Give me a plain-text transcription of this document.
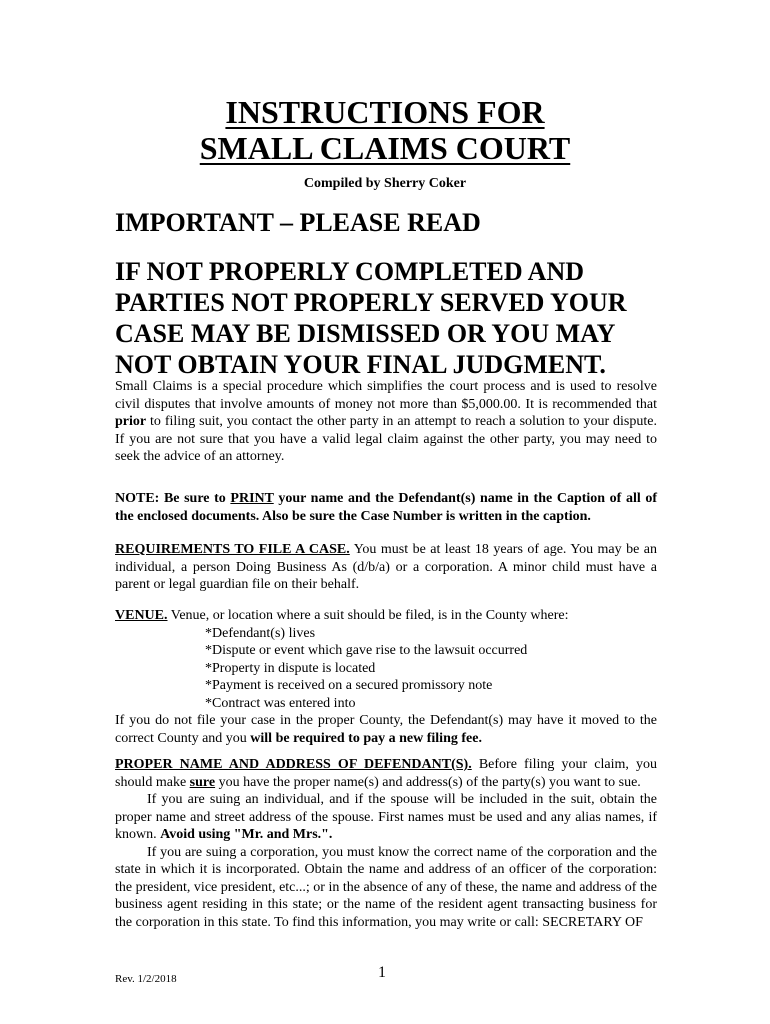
INSTRUCTIONS FOR
SMALL CLAIMS COURT
Compiled by Sherry Coker
IMPORTANT – PLEASE READ
IF NOT PROPERLY COMPLETED AND
PARTIES NOT PROPERLY SERVED YOUR
CASE MAY BE DISMISSED OR YOU MAY
NOT OBTAIN YOUR FINAL JUDGMENT.

Small Claims is a special procedure which simplifies the court process and is used to resolve civil disputes that involve amounts of money not more than $5,000.00. It is recommended that prior to filing suit, you contact the other party in an attempt to reach a solution to your dispute. If you are not sure that you have a valid legal claim against the other party, you may need to seek the advice of an attorney.

NOTE: Be sure to PRINT your name and the Defendant(s) name in the Caption of all of the enclosed documents. Also be sure the Case Number is written in the caption.

REQUIREMENTS TO FILE A CASE. You must be at least 18 years of age. You may be an individual, a person Doing Business As (d/b/a) or a corporation. A minor child must have a parent or legal guardian file on their behalf.

VENUE. Venue, or location where a suit should be filed, is in the County where:
*Defendant(s) lives
*Dispute or event which gave rise to the lawsuit occurred
*Property in dispute is located
*Payment is received on a secured promissory note
*Contract was entered into
If you do not file your case in the proper County, the Defendant(s) may have it moved to the correct County and you will be required to pay a new filing fee.
PROPER NAME AND ADDRESS OF DEFENDANT(S). Before filing your claim, you should make sure you have the proper name(s) and address(s) of the party(s) you want to sue.
If you are suing an individual, and if the spouse will be included in the suit, obtain the proper name and street address of the spouse. First names must be used and any alias names, if known. Avoid using "Mr. and Mrs.".
If you are suing a corporation, you must know the correct name of the corporation and the state in which it is incorporated. Obtain the name and address of an officer of the corporation: the president, vice president, etc...; or in the absence of any of these, the name and address of the business agent residing in this state; or the name of the resident agent transacting business for the corporation in this state. To find this information, you may write or call: SECRETARY OF
Rev. 1/2/2018	1
